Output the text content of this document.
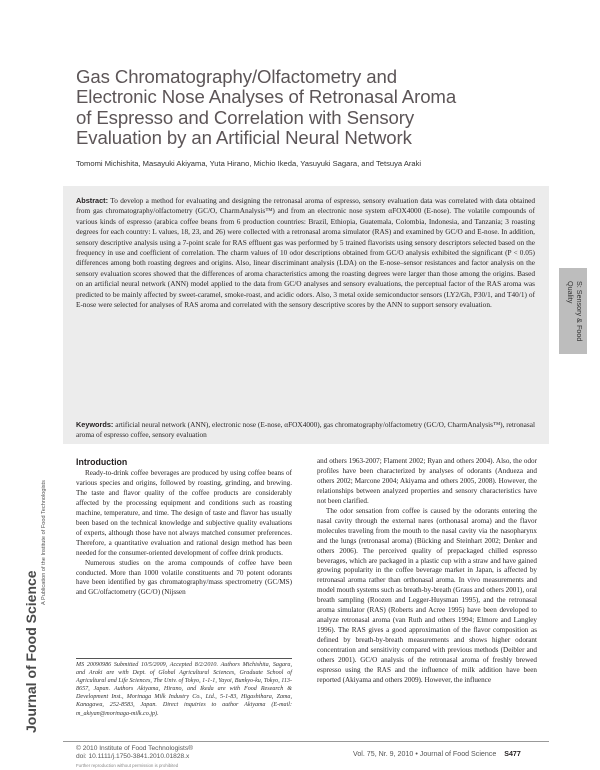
Gas Chromatography/Olfactometry and
Electronic Nose Analyses of Retronasal Aroma
of Espresso and Correlation with Sensory
Evaluation by an Artificial Neural Network
Tomomi Michishita, Masayuki Akiyama, Yuta Hirano, Michio Ikeda, Yasuyuki Sagara, and Tetsuya Araki
Abstract: To develop a method for evaluating and designing the retronasal aroma of espresso, sensory evaluation data was correlated with data obtained from gas chromatography/olfactometry (GC/O, CharmAnalysis™) and from an electronic nose system αFOX4000 (E-nose). The volatile compounds of various kinds of espresso (arabica coffee beans from 6 production countries: Brazil, Ethiopia, Guatemala, Colombia, Indonesia, and Tanzania; 3 roasting degrees for each country: L values, 18, 23, and 26) were collected with a retronasal aroma simulator (RAS) and examined by GC/O and E-nose. In addition, sensory descriptive analysis using a 7-point scale for RAS effluent gas was performed by 5 trained flavorists using sensory descriptors selected based on the frequency in use and coefficient of correlation. The charm values of 10 odor descriptions obtained from GC/O analysis exhibited the significant (P < 0.05) differences among both roasting degrees and origins. Also, linear discriminant analysis (LDA) on the E-nose–sensor resistances and factor analysis on the sensory evaluation scores showed that the differences of aroma characteristics among the roasting degrees were larger than those among the origins. Based on an artificial neural network (ANN) model applied to the data from GC/O analyses and sensory evaluations, the perceptual factor of the RAS aroma was predicted to be mainly affected by sweet-caramel, smoke-roast, and acidic odors. Also, 3 metal oxide semiconductor sensors (LY2/Gh, P30/1, and T40/1) of E-nose were selected for analyses of RAS aroma and correlated with the sensory descriptive scores by the ANN to support sensory evaluation.
Keywords: artificial neural network (ANN), electronic nose (E-nose, αFOX4000), gas chromatography/olfactometry (GC/O, CharmAnalysis™), retronasal aroma of espresso coffee, sensory evaluation
S: Sensory & Food Quality
Journal of Food Science
A Publication of the Institute of Food Technologists
Introduction

Ready-to-drink coffee beverages are produced by using coffee beans of various species and origins, followed by roasting, grinding, and brewing. The taste and flavor quality of the coffee products are considerably affected by the processing equipment and conditions such as roasting machine, temperature, and time. The design of taste and flavor has usually been based on the technical knowledge and subjective quality evaluations of experts, although those have not always matched consumer preferences. Therefore, a quantitative evaluation and rational design method has been needed for the consumer-oriented development of coffee drink products.

Numerous studies on the aroma compounds of coffee have been conducted. More than 1000 volatile constituents and 70 potent odorants have been identified by gas chromatography/mass spectrometry (GC/MS) and GC/olfactometry (GC/O) (Nijssen

and others 1963-2007; Flament 2002; Ryan and others 2004). Also, the odor profiles have been characterized by analyses of odorants (Andueza and others 2002; Marcone 2004; Akiyama and others 2005, 2008). However, the relationships between analyzed properties and sensory characteristics have not been clarified.

The odor sensation from coffee is caused by the odorants entering the nasal cavity through the external nares (orthonasal aroma) and the flavor molecules traveling from the mouth to the nasal cavity via the nasopharynx and the lungs (retronasal aroma) (Bücking and Steinhart 2002; Denker and others 2006). The perceived quality of prepackaged chilled espresso beverages, which are packaged in a plastic cup with a straw and have gained growing popularity in the coffee beverage market in Japan, is affected by retronasal aroma rather than orthonasal aroma. In vivo measurements and model mouth systems such as breath-by-breath (Graus and others 2001), oral breath sampling (Roozen and Legger-Huysman 1995), and the retronasal aroma simulator (RAS) (Roberts and Acree 1995) have been developed to analyze retronasal aroma (van Ruth and others 1994; Elmore and Langley 1996). The RAS gives a good approximation of the flavor composition as defined by breath-by-breath measurements and shows higher odorant concentration and sensitivity compared with previous methods (Deibler and others 2001). GC/O analysis of the retronasal aroma of freshly brewed espresso using the RAS and the influence of milk addition have been reported (Akiyama and others 2009). However, the influence

MS 20090986 Submitted 10/5/2009, Accepted 8/2/2010. Authors Michishita, Sagara, and Araki are with Dept. of Global Agricultural Sciences, Graduate School of Agricultural and Life Sciences, The Univ. of Tokyo, 1-1-1, Yayoi, Bunkyo-ku, Tokyo, 113-8657, Japan. Authors Akiyama, Hirano, and Ikeda are with Food Research & Development Inst., Morinaga Milk Industry Co., Ltd., 5-1-83, Higashihara, Zama, Kanagawa, 252-8583, Japan. Direct inquiries to author Akiyama (E-mail: m_akiyan@morinaga-milk.co.jp).
© 2010 Institute of Food Technologists®
doi: 10.1111/j.1750-3841.2010.01828.x
Further reproduction without permission is prohibited
Vol. 75, Nr. 9, 2010 • Journal of Food Science S477
